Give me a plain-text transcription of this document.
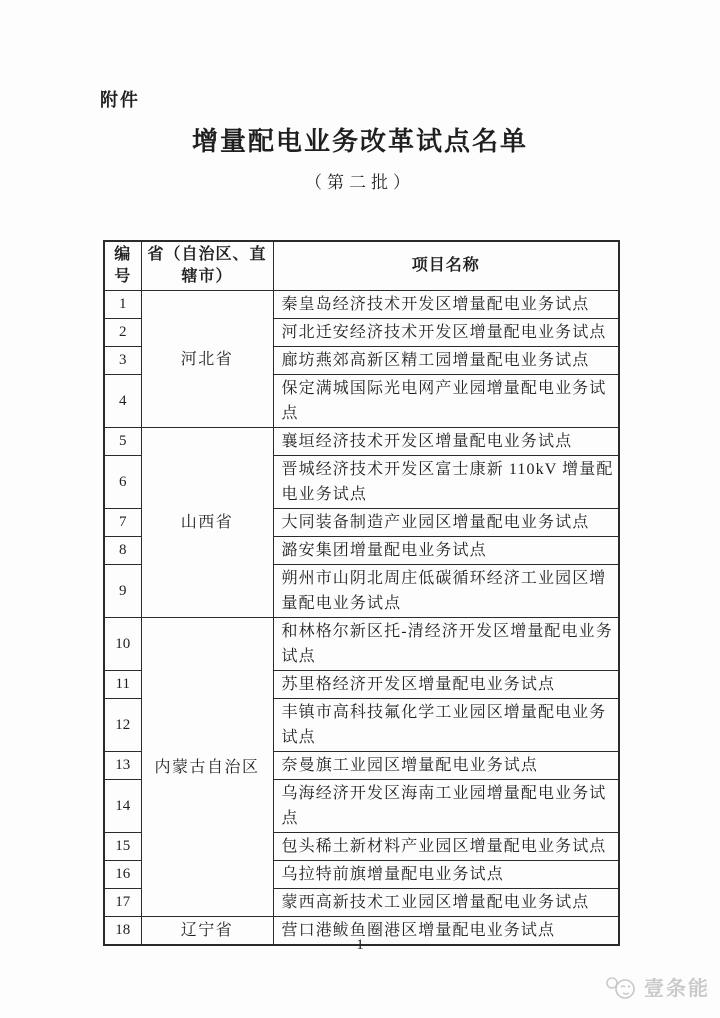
附件
增量配电业务改革试点名单
（第二批）
编号	省（自治区、直辖市）	项目名称
1	河北省	秦皇岛经济技术开发区增量配电业务试点
2		河北迁安经济技术开发区增量配电业务试点
3		廊坊燕郊高新区精工园增量配电业务试点
4		保定满城国际光电网产业园增量配电业务试点
5	山西省	襄垣经济技术开发区增量配电业务试点
6		晋城经济技术开发区富士康新 110kV 增量配电业务试点
7		大同装备制造产业园区增量配电业务试点
8		潞安集团增量配电业务试点
9		朔州市山阴北周庄低碳循环经济工业园区增量配电业务试点
10	内蒙古自治区	和林格尔新区托-清经济开发区增量配电业务试点
11		苏里格经济开发区增量配电业务试点
12		丰镇市高科技氟化学工业园区增量配电业务试点
13		奈曼旗工业园区增量配电业务试点
14		乌海经济开发区海南工业园增量配电业务试点
15		包头稀土新材料产业园区增量配电业务试点
16		乌拉特前旗增量配电业务试点
17		蒙西高新技术工业园区增量配电业务试点
18	辽宁省	营口港鲅鱼圈港区增量配电业务试点
1
壹条能
